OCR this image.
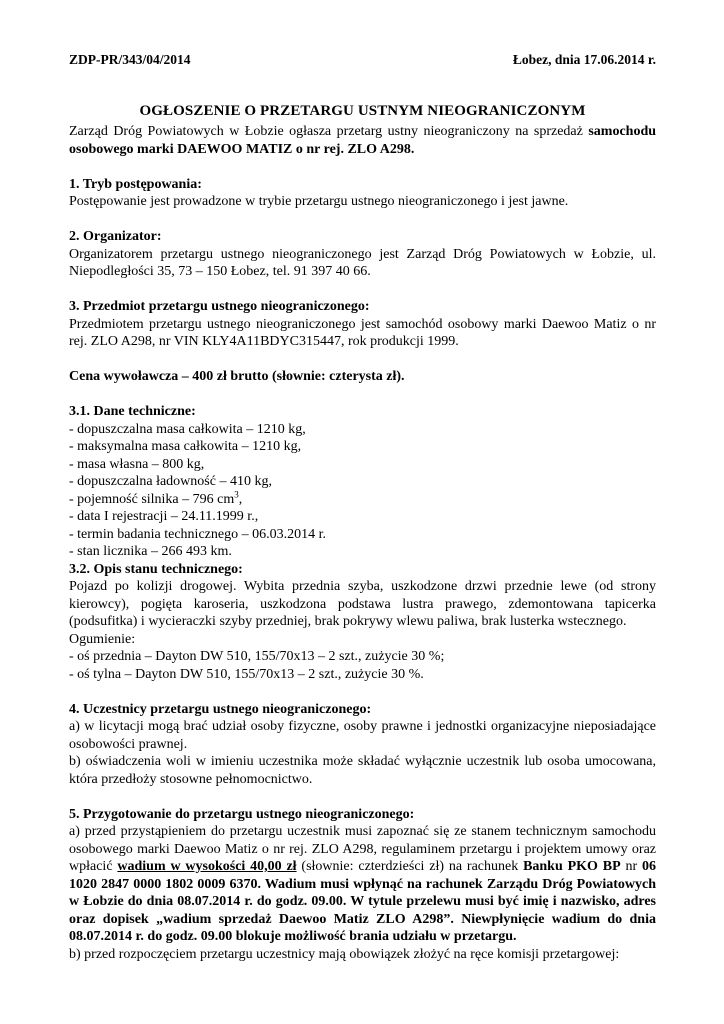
ZDP-PR/343/04/2014	Łobez, dnia 17.06.2014 r.
OGŁOSZENIE O PRZETARGU USTNYM NIEOGRANICZONYM

Zarząd Dróg Powiatowych w Łobzie ogłasza przetarg ustny nieograniczony na sprzedaż samochodu osobowego marki DAEWOO MATIZ o nr rej. ZLO A298.

1. Tryb postępowania:

Postępowanie jest prowadzone w trybie przetargu ustnego nieograniczonego i jest jawne.

2. Organizator:

Organizatorem przetargu ustnego nieograniczonego jest Zarząd Dróg Powiatowych w Łobzie, ul. Niepodległości 35, 73 – 150 Łobez, tel. 91 397 40 66.

3. Przedmiot przetargu ustnego nieograniczonego:

Przedmiotem przetargu ustnego nieograniczonego jest samochód osobowy marki Daewoo Matiz o nr rej. ZLO A298, nr VIN KLY4A11BDYC315447, rok produkcji 1999.

Cena wywoławcza – 400 zł brutto (słownie: czterysta zł).

3.1. Dane techniczne:

- dopuszczalna masa całkowita – 1210 kg,

- maksymalna masa całkowita – 1210 kg,

- masa własna – 800 kg,

- dopuszczalna ładowność – 410 kg,

- pojemność silnika – 796 $cm^3$,

- data I rejestracji – 24.11.1999 r.,

- termin badania technicznego – 06.03.2014 r.

- stan licznika – 266 493 km.

3.2. Opis stanu technicznego:

Pojazd po kolizji drogowej. Wybita przednia szyba, uszkodzone drzwi przednie lewe (od strony kierowcy), pogięta karoseria, uszkodzona podstawa lustra prawego, zdemontowana tapicerka (podsufitka) i wycieraczki szyby przedniej, brak pokrywy wlewu paliwa, brak lusterka wstecznego.

Ogumienie:

- oś przednia – Dayton DW 510, 155/70x13 – 2 szt., zużycie 30 %;

- oś tylna – Dayton DW 510, 155/70x13 – 2 szt., zużycie 30 %.

4. Uczestnicy przetargu ustnego nieograniczonego:

a) w licytacji mogą brać udział osoby fizyczne, osoby prawne i jednostki organizacyjne nieposiadające osobowości prawnej.

b) oświadczenia woli w imieniu uczestnika może składać wyłącznie uczestnik lub osoba umocowana, która przedłoży stosowne pełnomocnictwo.

5. Przygotowanie do przetargu ustnego nieograniczonego:

a) przed przystąpieniem do przetargu uczestnik musi zapoznać się ze stanem technicznym samochodu osobowego marki Daewoo Matiz o nr rej. ZLO A298, regulaminem przetargu i projektem umowy oraz wpłacić wadium w wysokości 40,00 zł (słownie: czterdzieści zł) na rachunek Banku PKO BP nr 06 1020 2847 0000 1802 0009 6370. Wadium musi wpłynąć na rachunek Zarządu Dróg Powiatowych w Łobzie do dnia 08.07.2014 r. do godz. 09.00. W tytule przelewu musi być imię i nazwisko, adres oraz dopisek „wadium sprzedaż Daewoo Matiz ZLO A298”. Niewpłynięcie wadium do dnia 08.07.2014 r. do godz. 09.00 blokuje możliwość brania udziału w przetargu.

b) przed rozpoczęciem przetargu uczestnicy mają obowiązek złożyć na ręce komisji przetargowej:
